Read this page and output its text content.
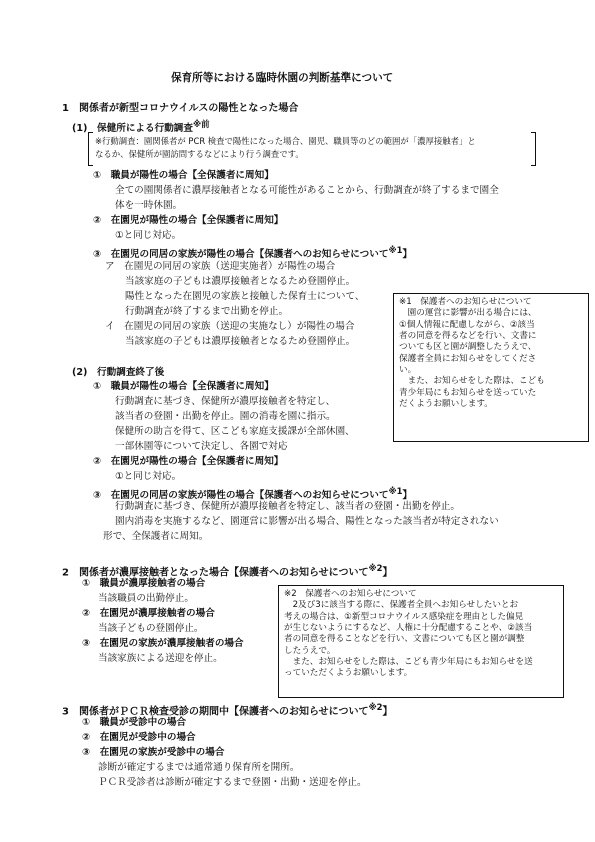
保育所等における臨時休園の判断基準について
1　関係者が新型コロナウイルスの陽性となった場合
(1)　保健所による行動調査$^{※前}$
※行動調査：園関係者が PCR 検査で陽性になった場合、園児、職員等のどの範囲が「濃厚接触者」と
なるか、保健所が園訪問するなどにより行う調査です。
①　職員が陽性の場合【全保護者に周知】
全ての園関係者に濃厚接触者となる可能性があることから、行動調査が終了するまで園全
体を一時休園。
②　在園児が陽性の場合【全保護者に周知】
①と同じ対応。
③　在園児の同居の家族が陽性の場合【保護者へのお知らせについて$^{※1}$】
ア　在園児の同居の家族（送迎実施者）が陽性の場合
当該家庭の子どもは濃厚接触者となるため登園停止。
陽性となった在園児の家族と接触した保育士について、
行動調査が終了するまで出勤を停止。
イ　在園児の同居の家族（送迎の実施なし）が陽性の場合
当該家庭の子どもは濃厚接触者となるため登園停止。
※1　保護者へのお知らせについて
　園の運営に影響が出る場合には、
①個人情報に配慮しながら、②該当
者の同意を得るなどを行い、文書に
ついても区と園が調整したうえで、
保護者全員にお知らせをしてくださ
い。
　また、お知らせをした際は、こども
青少年局にもお知らせを送っていた
だくようお願いします。
(2)　行動調査終了後
①　職員が陽性の場合【全保護者に周知】
行動調査に基づき、保健所が濃厚接触者を特定し、
該当者の登園・出勤を停止。園の消毒を園に指示。
保健所の助言を得て、区こども家庭支援課が全部休園、
一部休園等について決定し、各園で対応
②　在園児が陽性の場合【全保護者に周知】
①と同じ対応。
③　在園児の同居の家族が陽性の場合【保護者へのお知らせについて$^{※1}$】
行動調査に基づき、保健所が濃厚接触者を特定し、該当者の登園・出勤を停止。
園内消毒を実施するなど、園運営に影響が出る場合、陽性となった該当者が特定されない
形で、全保護者に周知。
2　関係者が濃厚接触者となった場合【保護者へのお知らせについて$^{※2}$】
①　職員が濃厚接触者の場合
当該職員の出勤停止。
②　在園児が濃厚接触者の場合
当該子どもの登園停止。
③　在園児の家族が濃厚接触者の場合
当該家族による送迎を停止。
※2　保護者へのお知らせについて
　2及び3に該当する際に、保護者全員へお知らせしたいとお
考えの場合は、①新型コロナウイルス感染症を理由とした偏見
が生じないようにするなど、人権に十分配慮することや、②該当
者の同意を得ることなどを行い、文書についても区と園が調整
したうえで。
　また、お知らせをした際は、こども青少年局にもお知らせを送
っていただくようお願いします。
3　関係者がＰＣＲ検査受診の期間中【保護者へのお知らせについて$^{※2}$】
①　職員が受診中の場合
②　在園児が受診中の場合
③　在園児の家族が受診中の場合
診断が確定するまでは通常通り保育所を開所。
ＰＣＲ受診者は診断が確定するまで登園・出勤・送迎を停止。
